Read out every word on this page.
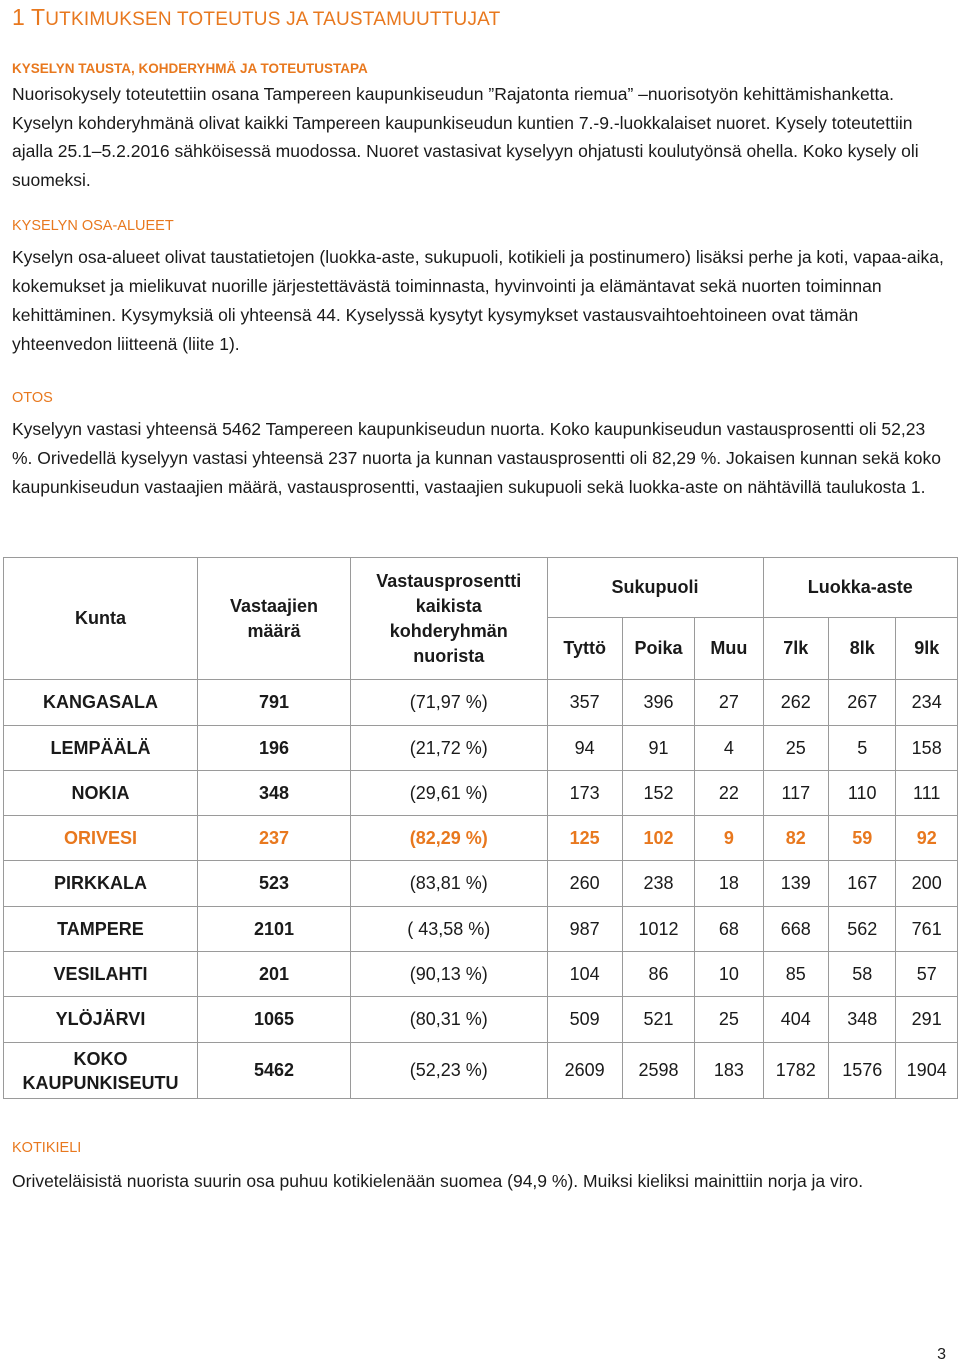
1 TUTKIMUKSEN TOTEUTUS JA TAUSTAMUUTTUJAT
KYSELYN TAUSTA, KOHDERYHMÄ JA TOTEUTUSTAPA

Nuorisokysely toteutettiin osana Tampereen kaupunkiseudun ”Rajatonta riemua” –nuorisotyön kehittämishanketta. Kyselyn kohderyhmänä olivat kaikki Tampereen kaupunkiseudun kuntien 7.-9.-luokkalaiset nuoret. Kysely toteutettiin ajalla 25.1–5.2.2016 sähköisessä muodossa. Nuoret vastasivat kyselyyn ohjatusti koulutyönsä ohella. Koko kysely oli suomeksi.

KYSELYN OSA-ALUEET

Kyselyn osa-alueet olivat taustatietojen (luokka-aste, sukupuoli, kotikieli ja postinumero) lisäksi perhe ja koti, vapaa-aika, kokemukset ja mielikuvat nuorille järjestettävästä toiminnasta, hyvinvointi ja elämäntavat sekä nuorten toiminnan kehittäminen. Kysymyksiä oli yhteensä 44. Kyselyssä kysytyt kysymykset vastausvaihtoehtoineen ovat tämän yhteenvedon liitteenä (liite 1).

OTOS

Kyselyyn vastasi yhteensä 5462 Tampereen kaupunkiseudun nuorta. Koko kaupunkiseudun vastausprosentti oli 52,23 %. Orivedellä kyselyyn vastasi yhteensä 237 nuorta ja kunnan vastausprosentti oli 82,29 %. Jokaisen kunnan sekä koko kaupunkiseudun vastaajien määrä, vastausprosentti, vastaajien sukupuoli sekä luokka-aste on nähtävillä taulukosta 1.

KOTIKIELI

Oriveteläisistä nuorista suurin osa puhuu kotikielenään suomea (94,9 %). Muiksi kieliksi mainittiin norja ja viro.

Kunta	Vastaajien määrä	Vastausprosentti kaikista kohderyhmän nuorista	Sukupuoli			Luokka-aste		
			Tyttö	Poika	Muu	7lk	8lk	9lk
KANGASALA	791	(71,97 %)	357	396	27	262	267	234
LEMPÄÄLÄ	196	(21,72 %)	94	91	4	25	5	158
NOKIA	348	(29,61 %)	173	152	22	117	110	111
ORIVESI	237	(82,29 %)	125	102	9	82	59	92
PIRKKALA	523	(83,81 %)	260	238	18	139	167	200
TAMPERE	2101	( 43,58 %)	987	1012	68	668	562	761
VESILAHTI	201	(90,13 %)	104	86	10	85	58	57
YLÖJÄRVI	1065	(80,31 %)	509	521	25	404	348	291
KOKO KAUPUNKISEUTU	5462	(52,23 %)	2609	2598	183	1782	1576	1904
3
